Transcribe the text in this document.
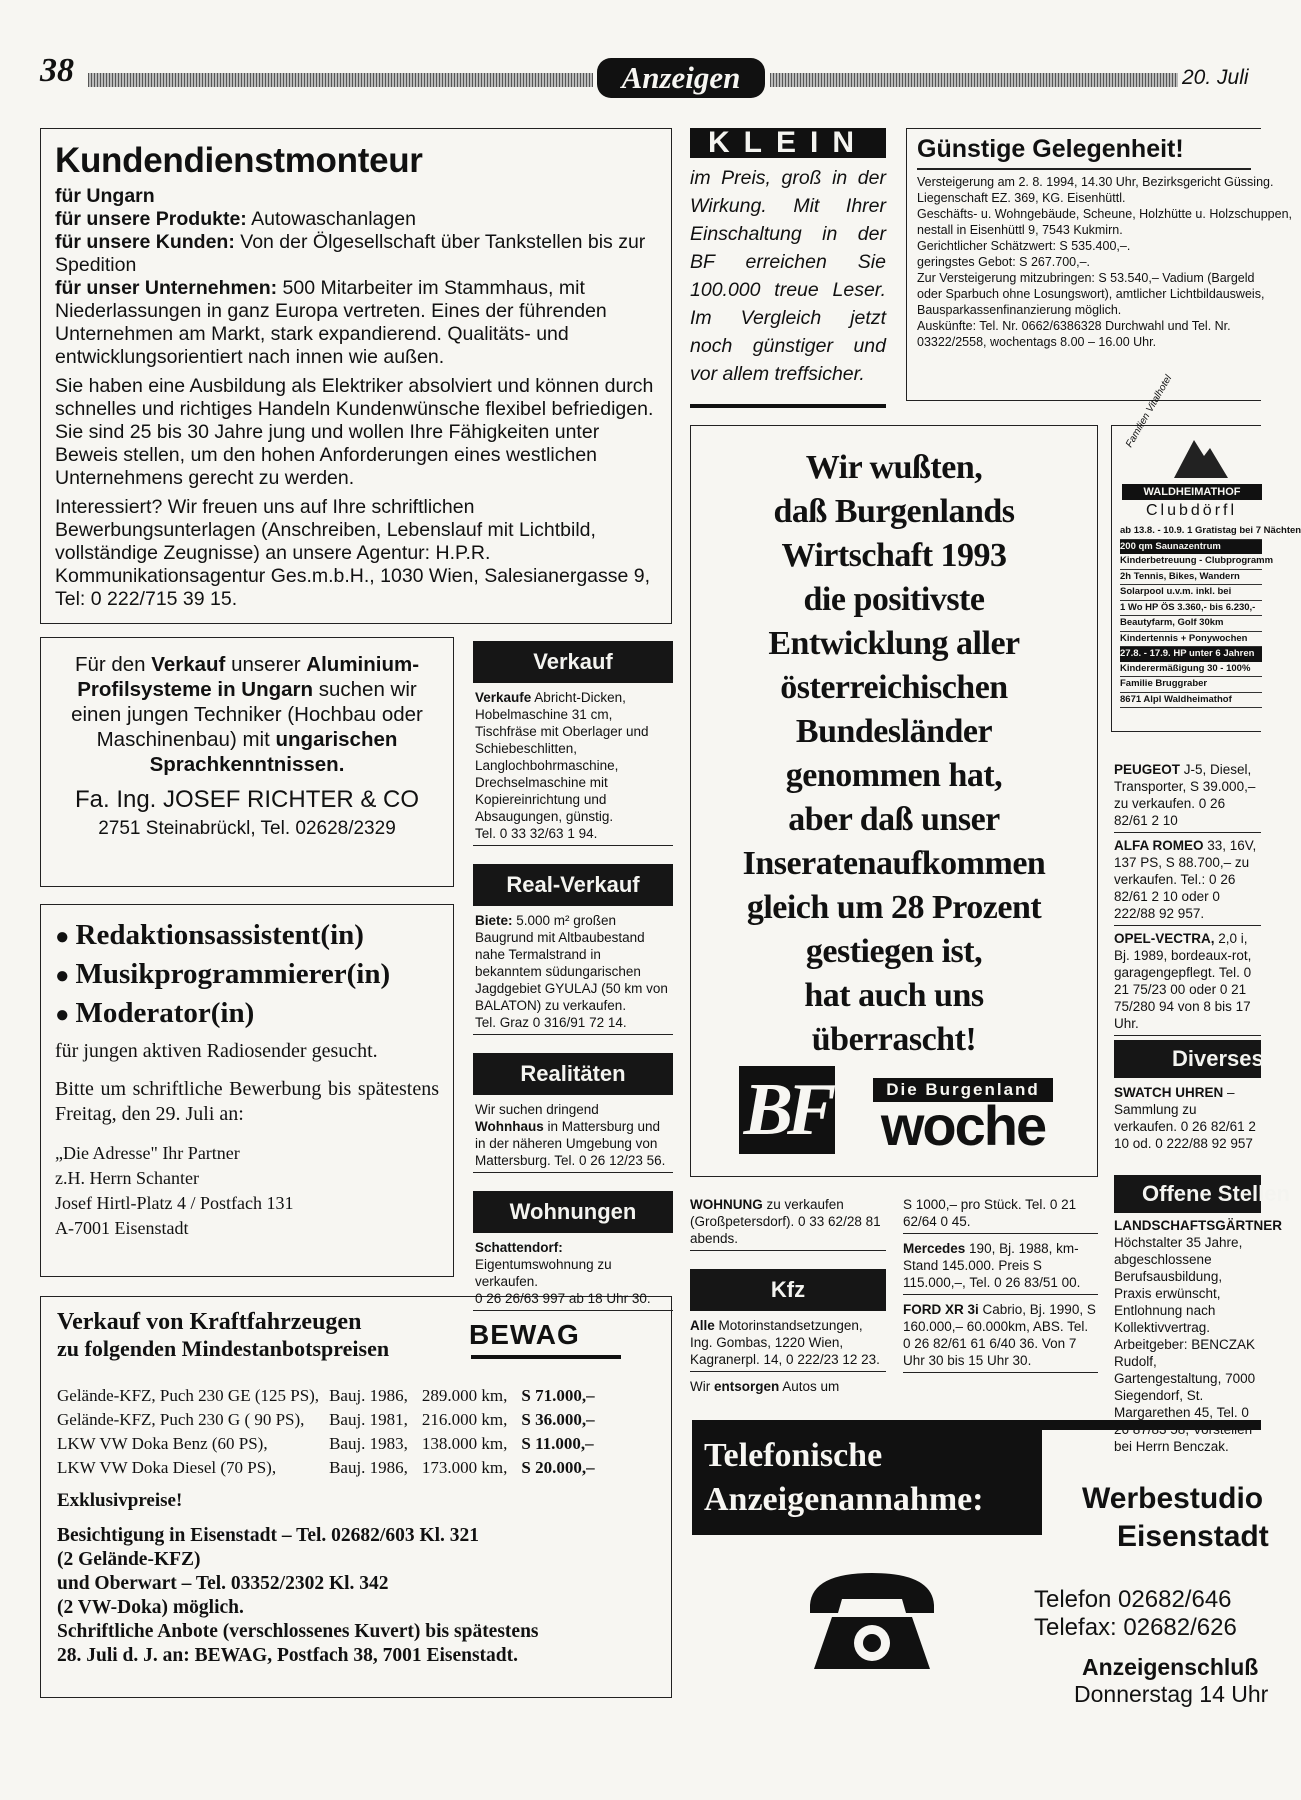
38	Anzeigen	20. Juli
Kundendienstmonteur

für Ungarn

für unsere Produkte: Autowaschanlagen

für unsere Kunden: Von der Ölgesellschaft über Tankstellen bis zur Spedition

für unser Unternehmen: 500 Mitarbeiter im Stammhaus, mit Niederlassungen in ganz Europa vertreten. Eines der führenden Unternehmen am Markt, stark expandierend. Qualitäts- und entwicklungsorientiert nach innen wie außen.

Sie haben eine Ausbildung als Elektriker absolviert und können durch schnelles und richtiges Handeln Kundenwünsche flexibel befriedigen. Sie sind 25 bis 30 Jahre jung und wollen Ihre Fähigkeiten unter Beweis stellen, um den hohen Anforderungen eines westlichen Unternehmens gerecht zu werden.

Interessiert? Wir freuen uns auf Ihre schriftlichen Bewerbungsunterlagen (Anschreiben, Lebenslauf mit Lichtbild, vollständige Zeugnisse) an unsere Agentur: H.P.R. Kommunikationsagentur Ges.m.b.H., 1030 Wien, Salesianergasse 9, Tel: 0 222/715 39 15.

Für den Verkauf unserer Aluminium-Profilsysteme in Ungarn suchen wir einen jungen Techniker (Hochbau oder Maschinenbau) mit ungarischen Sprachkenntnissen.
Fa. Ing. JOSEF RICHTER & CO
2751 Steinabrückl, Tel. 02628/2329
● Redaktionsassistent(in)
● Musikprogrammierer(in)
● Moderator(in)
für jungen aktiven Radiosender gesucht.
Bitte um schriftliche Bewerbung bis spätestens Freitag, den 29. Juli an:
„Die Adresse" Ihr Partner
z.H. Herrn Schanter
Josef Hirtl-Platz 4 / Postfach 131
A-7001 Eisenstadt
Verkauf von Kraftfahrzeugen
zu folgenden Mindestanbotspreisen	BEWAG
Gelände-KFZ, Puch 230 GE (125 PS),	Bauj. 1986,	289.000 km,	S 71.000,–
Gelände-KFZ, Puch 230 G ( 90 PS),	Bauj. 1981,	216.000 km,	S 36.000,–
LKW VW Doka Benz (60 PS),	Bauj. 1983,	138.000 km,	S 11.000,–
LKW VW Doka Diesel (70 PS),	Bauj. 1986,	173.000 km,	S 20.000,–
Exklusivpreise!
Besichtigung in Eisenstadt – Tel. 02682/603 Kl. 321
(2 Gelände-KFZ)
und Oberwart – Tel. 03352/2302 Kl. 342
(2 VW-Doka) möglich.
Schriftliche Anbote (verschlossenes Kuvert) bis spätestens
28. Juli d. J. an: BEWAG, Postfach 38, 7001 Eisenstadt.
Verkauf
Verkaufe Abricht-Dicken, Hobelmaschine 31 cm, Tischfräse mit Oberlager und Schiebeschlitten, Langlochbohrmaschine, Drechselmaschine mit Kopiereinrichtung und Absaugungen, günstig.
Tel. 0 33 32/63 1 94.
Real-Verkauf
Biete: 5.000 m² großen Baugrund mit Altbaubestand nahe Termalstrand in bekanntem südungarischen Jagdgebiet GYULAJ (50 km von BALATON) zu verkaufen.
Tel. Graz 0 316/91 72 14.
Realitäten
Wir suchen dringend Wohnhaus in Mattersburg und in der näheren Umgebung von Mattersburg. Tel. 0 26 12/23 56.
Wohnungen
Schattendorf: Eigentumswohnung zu verkaufen.
0 26 26/63 997 ab 18 Uhr 30.
KLEIN
im Preis, groß in der Wirkung. Mit Ihrer Einschaltung in der BF erreichen Sie 100.000 treue Leser. Im Vergleich jetzt noch günstiger und vor allem treffsicher.
Günstige Gelegenheit!
Versteigerung am 2. 8. 1994, 14.30 Uhr, Bezirksgericht Güssing.
Liegenschaft EZ. 369, KG. Eisenhüttl.
Geschäfts- u. Wohngebäude, Scheune, Holzhütte u. Holzschuppen,
nestall in Eisenhüttl 9, 7543 Kukmirn.
Gerichtlicher Schätzwert: S 535.400,–.
geringstes Gebot: S 267.700,–.
Zur Versteigerung mitzubringen: S 53.540,– Vadium (Bargeld
oder Sparbuch ohne Losungswort), amtlicher Lichtbildausweis,
Bausparkassenfinanzierung möglich.
Auskünfte: Tel. Nr. 0662/6386328 Durchwahl und Tel. Nr.
03322/2558, wochentags 8.00 – 16.00 Uhr.
Wir wußten,
daß Burgenlands
Wirtschaft 1993
die positivste
Entwicklung aller
österreichischen
Bundesländer
genommen hat,
aber daß unser
Inseratenaufkommen
gleich um 28 Prozent
gestiegen ist,
hat auch uns
überrascht!
BF	Die Burgenland
woche
Familien Vitalhotel
WALDHEIMATHOF
Clubdörfl
ab 13.8. - 10.9. 1 Gratistag bei 7 Nächten
200 qm Saunazentrum
Kinderbetreuung - Clubprogramm
2h Tennis, Bikes, Wandern
Solarpool u.v.m. inkl. bei
1 Wo HP ÖS 3.360,- bis 6.230,-
Beautyfarm, Golf 30km
Kindertennis + Ponywochen
27.8. - 17.9. HP unter 6 Jahren
Kinderermäßigung 30 - 100%
Familie Bruggraber
8671 Alpl Waldheimathof
PEUGEOT J-5, Diesel, Transporter, S 39.000,– zu verkaufen. 0 26 82/61 2 10
ALFA ROMEO 33, 16V, 137 PS, S 88.700,– zu verkaufen. Tel.: 0 26 82/61 2 10 oder 0 222/88 92 957.
OPEL-VECTRA, 2,0 i, Bj. 1989, bordeaux-rot, garagengepflegt. Tel. 0 21 75/23 00 oder 0 21 75/280 94 von 8 bis 17 Uhr.
Diverses
SWATCH UHREN – Sammlung zu verkaufen. 0 26 82/61 2 10 od. 0 222/88 92 957
Offene Stellen
LANDSCHAFTSGÄRTNER Höchstalter 35 Jahre, abgeschlossene Berufsausbildung, Praxis erwünscht, Entlohnung nach Kollektivvertrag. Arbeitgeber: BENCZAK Rudolf, Gartengestaltung, 7000 Siegendorf, St. Margarethen 45, Tel. 0 bei Herrn Benczak.
WOHNUNG zu verkaufen (Großpetersdorf). 0 33 62/28 81 abends.
Kfz
Alle Motorinstandsetzungen, Ing. Gombas, 1220 Wien, Kagranerpl. 14, 0 222/23 12 23.
Wir entsorgen Autos um
S 1000,– pro Stück. Tel. 0 21 62/64 0 45.
Mercedes 190, Bj. 1988, km-Stand 145.000. Preis S 115.000,–, Tel. 0 26 83/51 00.
FORD XR 3i Cabrio, Bj. 1990, S 160.000,– 60.000km, ABS. Tel. 0 26 82/61 61 6/40 36. Von 7 Uhr 30 bis 15 Uhr 30.
Telefonische
Anzeigenannahme:	Werbestudio
Eisenstadt
Telefon 02682/646
Telefax: 02682/626
Anzeigenschluß
Donnerstag 14 Uhr
